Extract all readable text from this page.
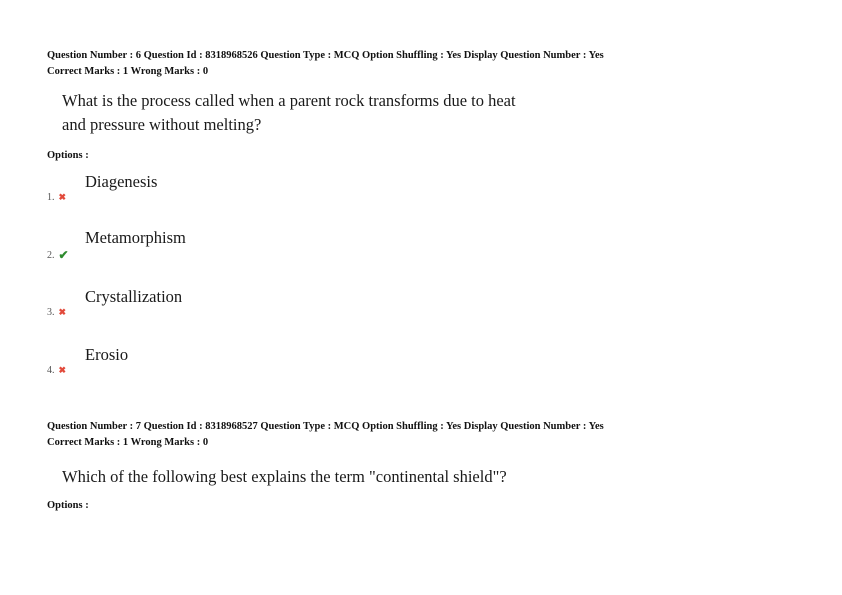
Question Number : 6 Question Id : 8318968526 Question Type : MCQ Option Shuffling : Yes Display Question Number : Yes
Correct Marks : 1 Wrong Marks : 0
What is the process called when a parent rock transforms due to heat
and pressure without melting?
Options :
Diagenesis
1. ✖
Metamorphism
2. ✔
Crystallization
3. ✖
Erosio
4. ✖
Question Number : 7 Question Id : 8318968527 Question Type : MCQ Option Shuffling : Yes Display Question Number : Yes
Correct Marks : 1 Wrong Marks : 0
Which of the following best explains the term "continental shield"?
Options :
